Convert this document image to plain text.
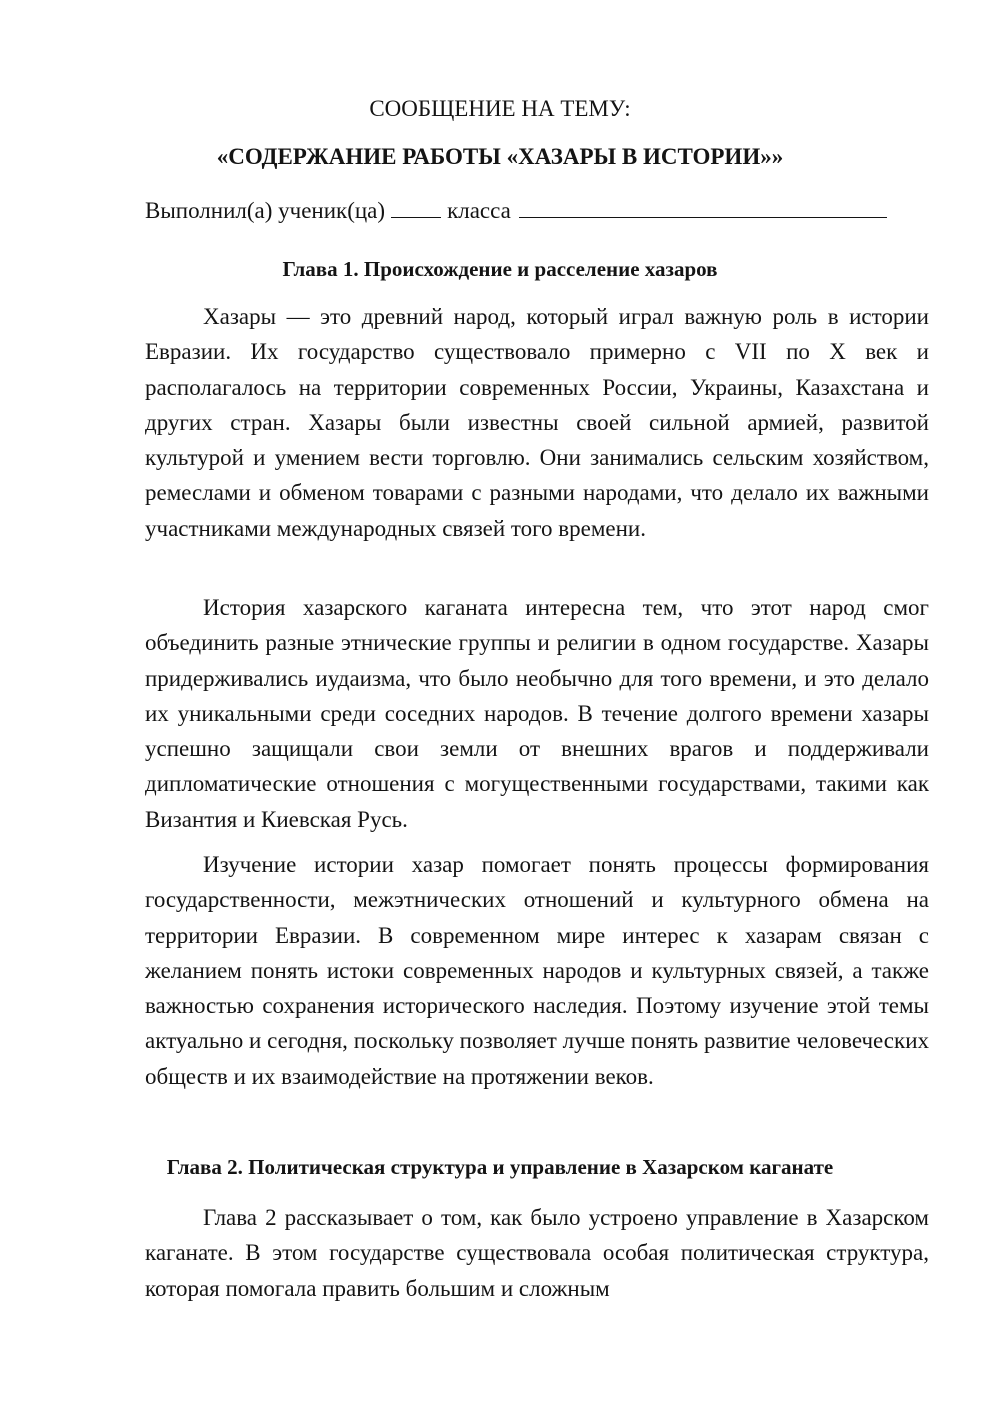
СООБЩЕНИЕ НА ТЕМУ:

«СОДЕРЖАНИЕ РАБОТЫ «ХАЗАРЫ В ИСТОРИИ»»

Выполнил(а) ученик(ца)	класса
Глава 1. Происхождение и расселение хазаров

Хазары — это древний народ, который играл важную роль в истории Евразии. Их государство существовало примерно с VII по X век и располагалось на территории современных России, Украины, Казахстана и других стран. Хазары были известны своей сильной армией, развитой культурой и умением вести торговлю. Они занимались сельским хозяйством, ремеслами и обменом товарами с разными народами, что делало их важными участниками международных связей того времени.

История хазарского каганата интересна тем, что этот народ смог объединить разные этнические группы и религии в одном государстве. Хазары придерживались иудаизма, что было необычно для того времени, и это делало их уникальными среди соседних народов. В течение долгого времени хазары успешно защищали свои земли от внешних врагов и поддерживали дипломатические отношения с могущественными государствами, такими как Византия и Киевская Русь.

Изучение истории хазар помогает понять процессы формирования государственности, межэтнических отношений и культурного обмена на территории Евразии. В современном мире интерес к хазарам связан с желанием понять истоки современных народов и культурных связей, а также важностью сохранения исторического наследия. Поэтому изучение этой темы актуально и сегодня, поскольку позволяет лучше понять развитие человеческих обществ и их взаимодействие на протяжении веков.

Глава 2. Политическая структура и управление в Хазарском каганате

Глава 2 рассказывает о том, как было устроено управление в Хазарском каганате. В этом государстве существовала особая политическая структура, которая помогала править большим и сложным
